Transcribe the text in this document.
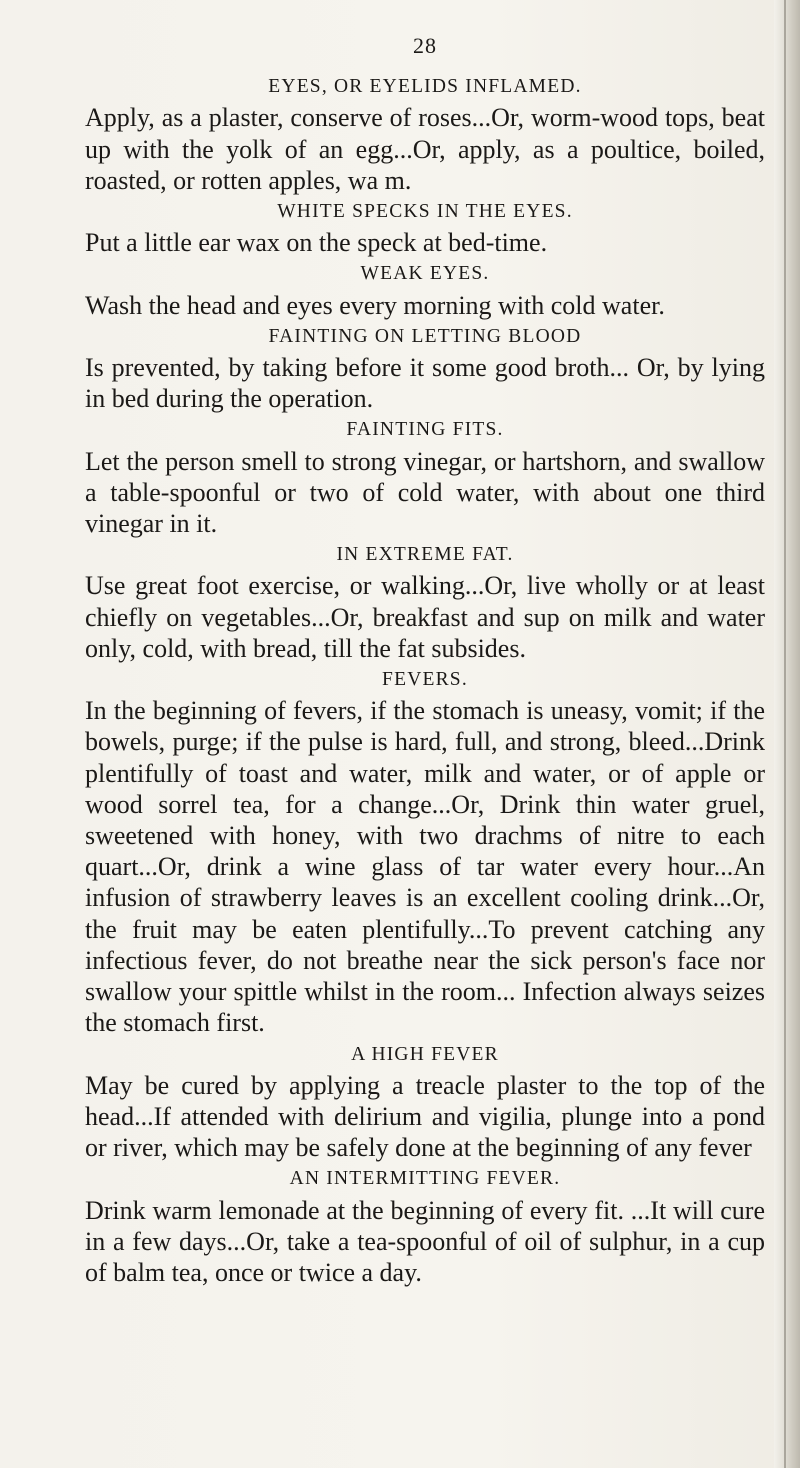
28
EYES, OR EYELIDS INFLAMED.

Apply, as a plaster, conserve of roses...Or, worm-wood tops, beat up with the yolk of an egg...Or, apply, as a poultice, boiled, roasted, or rotten apples, wa m.

WHITE SPECKS IN THE EYES.

Put a little ear wax on the speck at bed-time.

WEAK EYES.

Wash the head and eyes every morning with cold water.

FAINTING ON LETTING BLOOD

Is prevented, by taking before it some good broth... Or, by lying in bed during the operation.

FAINTING FITS.

Let the person smell to strong vinegar, or hartshorn, and swallow a table-spoonful or two of cold water, with about one third vinegar in it.

IN EXTREME FAT.

Use great foot exercise, or walking...Or, live wholly or at least chiefly on vegetables...Or, breakfast and sup on milk and water only, cold, with bread, till the fat subsides.

FEVERS.

In the beginning of fevers, if the stomach is uneasy, vomit; if the bowels, purge; if the pulse is hard, full, and strong, bleed...Drink plentifully of toast and water, milk and water, or of apple or wood sorrel tea, for a change...Or, Drink thin water gruel, sweetened with honey, with two drachms of nitre to each quart...Or, drink a wine glass of tar water every hour...An infusion of strawberry leaves is an excellent cooling drink...Or, the fruit may be eaten plentifully...To prevent catching any infectious fever, do not breathe near the sick person's face nor swallow your spittle whilst in the room... Infection always seizes the stomach first.

A HIGH FEVER

May be cured by applying a treacle plaster to the top of the head...If attended with delirium and vigilia, plunge into a pond or river, which may be safely done at the beginning of any fever

AN INTERMITTING FEVER.

Drink warm lemonade at the beginning of every fit. ...It will cure in a few days...Or, take a tea-spoonful of oil of sulphur, in a cup of balm tea, once or twice a day.
